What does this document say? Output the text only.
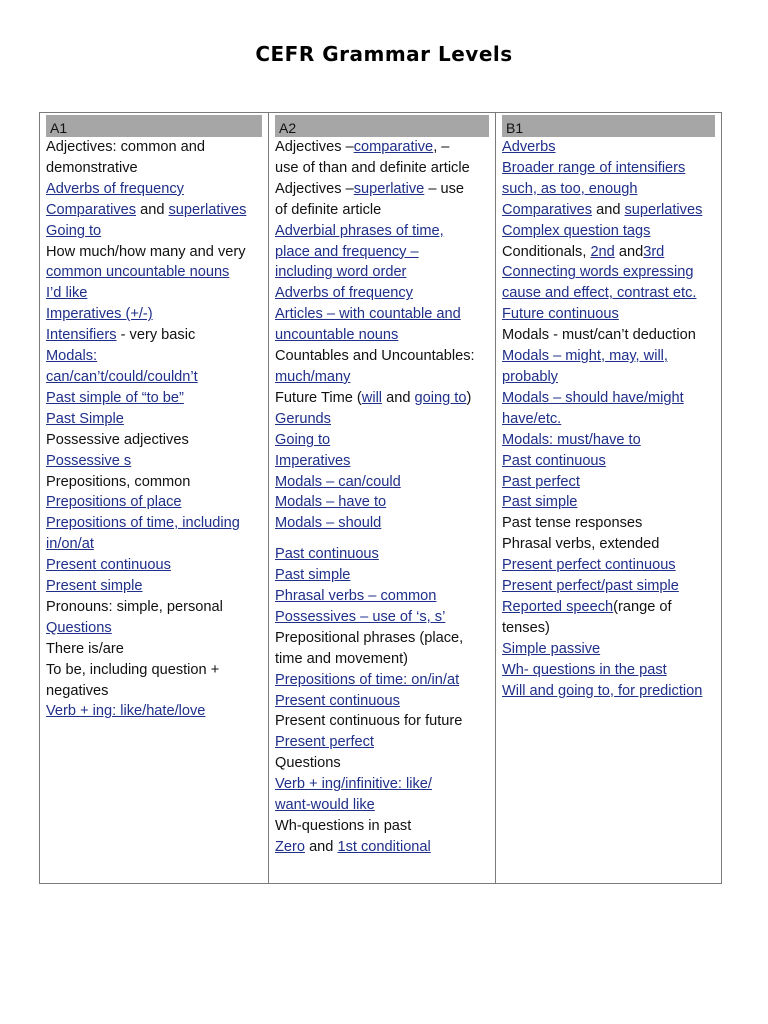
CEFR Grammar Levels
A1
Adjectives: common and
demonstrative
Adverbs of frequency
Comparatives and superlatives
Going to
How much/how many and very
common uncountable nouns
I’d like
Imperatives (+/-)
Intensifiers - very basic
Modals:
can/can’t/could/couldn’t
Past simple of “to be”
Past Simple
Possessive adjectives
Possessive s
Prepositions, common
Prepositions of place
Prepositions of time, including
in/on/at
Present continuous
Present simple
Pronouns: simple, personal
Questions
There is/are
To be, including question +
negatives
Verb + ing: like/hate/love
A2
Adjectives –comparative, –
use of than and definite article
Adjectives –superlative – use
of definite article
Adverbial phrases of time,
place and frequency –
including word order
Adverbs of frequency
Articles – with countable and
uncountable nouns
Countables and Uncountables:
much/many
Future Time (will and going to)
Gerunds
Going to
Imperatives
Modals – can/could
Modals – have to
Modals – should
Past continuous
Past simple
Phrasal verbs – common
Possessives – use of ‘s, s’
Prepositional phrases (place,
time and movement)
Prepositions of time: on/in/at
Present continuous
Present continuous for future
Present perfect
Questions
Verb + ing/infinitive: like/
want-would like
Wh-questions in past
Zero and 1st conditional
B1
Adverbs
Broader range of intensifiers
such, as too, enough
Comparatives and superlatives
Complex question tags
Conditionals, 2nd and3rd
Connecting words expressing
cause and effect, contrast etc.
Future continuous
Modals - must/can’t deduction
Modals – might, may, will,
probably
Modals – should have/might
have/etc.
Modals: must/have to
Past continuous
Past perfect
Past simple
Past tense responses
Phrasal verbs, extended
Present perfect continuous
Present perfect/past simple
Reported speech(range of
tenses)
Simple passive
Wh- questions in the past
Will and going to, for prediction
